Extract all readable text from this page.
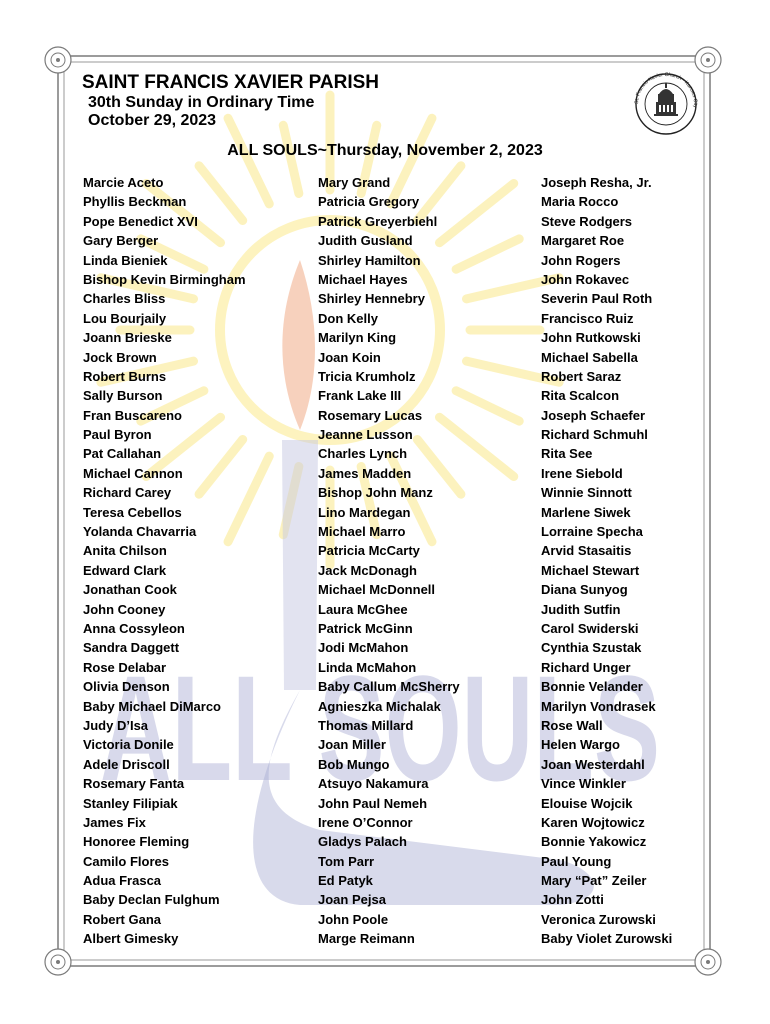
ALL SOULS
SAINT FRANCIS XAVIER PARISH
30th Sunday in Ordinary Time
October 29, 2023
St. Francis Xavier Church · Kansas City
ALL SOULS~Thursday, November 2, 2023
Marcie Aceto
Phyllis Beckman
Pope Benedict XVI
Gary Berger
Linda Bieniek
Bishop Kevin Birmingham
Charles Bliss
Lou Bourjaily
Joann Brieske
Jock Brown
Robert Burns
Sally Burson
Fran Buscareno
Paul Byron
Pat Callahan
Michael Cannon
Richard Carey
Teresa Cebellos
Yolanda Chavarria
Anita Chilson
Edward Clark
Jonathan Cook
John Cooney
Anna Cossyleon
Sandra Daggett
Rose Delabar
Olivia Denson
Baby Michael DiMarco
Judy D’Isa
Victoria Donile
Adele Driscoll
Rosemary Fanta
Stanley Filipiak
James Fix
Honoree Fleming
Camilo Flores
Adua Frasca
Baby Declan Fulghum
Robert Gana
Albert Gimesky
Mary Grand
Patricia Gregory
Patrick Greyerbiehl
Judith Gusland
Shirley Hamilton
Michael Hayes
Shirley Hennebry
Don Kelly
Marilyn King
Joan Koin
Tricia Krumholz
Frank Lake III
Rosemary Lucas
Jeanne Lusson
Charles Lynch
James Madden
Bishop John Manz
Lino Mardegan
Michael Marro
Patricia McCarty
Jack McDonagh
Michael McDonnell
Laura McGhee
Patrick McGinn
Jodi McMahon
Linda McMahon
Baby Callum McSherry
Agnieszka Michalak
Thomas Millard
Joan Miller
Bob Mungo
Atsuyo Nakamura
John Paul Nemeh
Irene O’Connor
Gladys Palach
Tom Parr
Ed Patyk
Joan Pejsa
John Poole
Marge Reimann
Joseph Resha, Jr.
Maria Rocco
Steve Rodgers
Margaret Roe
John Rogers
John Rokavec
Severin Paul Roth
Francisco Ruiz
John Rutkowski
Michael Sabella
Robert Saraz
Rita Scalcon
Joseph Schaefer
Richard Schmuhl
Rita See
Irene Siebold
Winnie Sinnott
Marlene Siwek
Lorraine Specha
Arvid Stasaitis
Michael Stewart
Diana Sunyog
Judith Sutfin
Carol Swiderski
Cynthia Szustak
Richard Unger
Bonnie Velander
Marilyn Vondrasek
Rose Wall
Helen Wargo
Joan Westerdahl
Vince Winkler
Elouise Wojcik
Karen Wojtowicz
Bonnie Yakowicz
Paul Young
Mary “Pat” Zeiler
John Zotti
Veronica Zurowski
Baby Violet Zurowski
